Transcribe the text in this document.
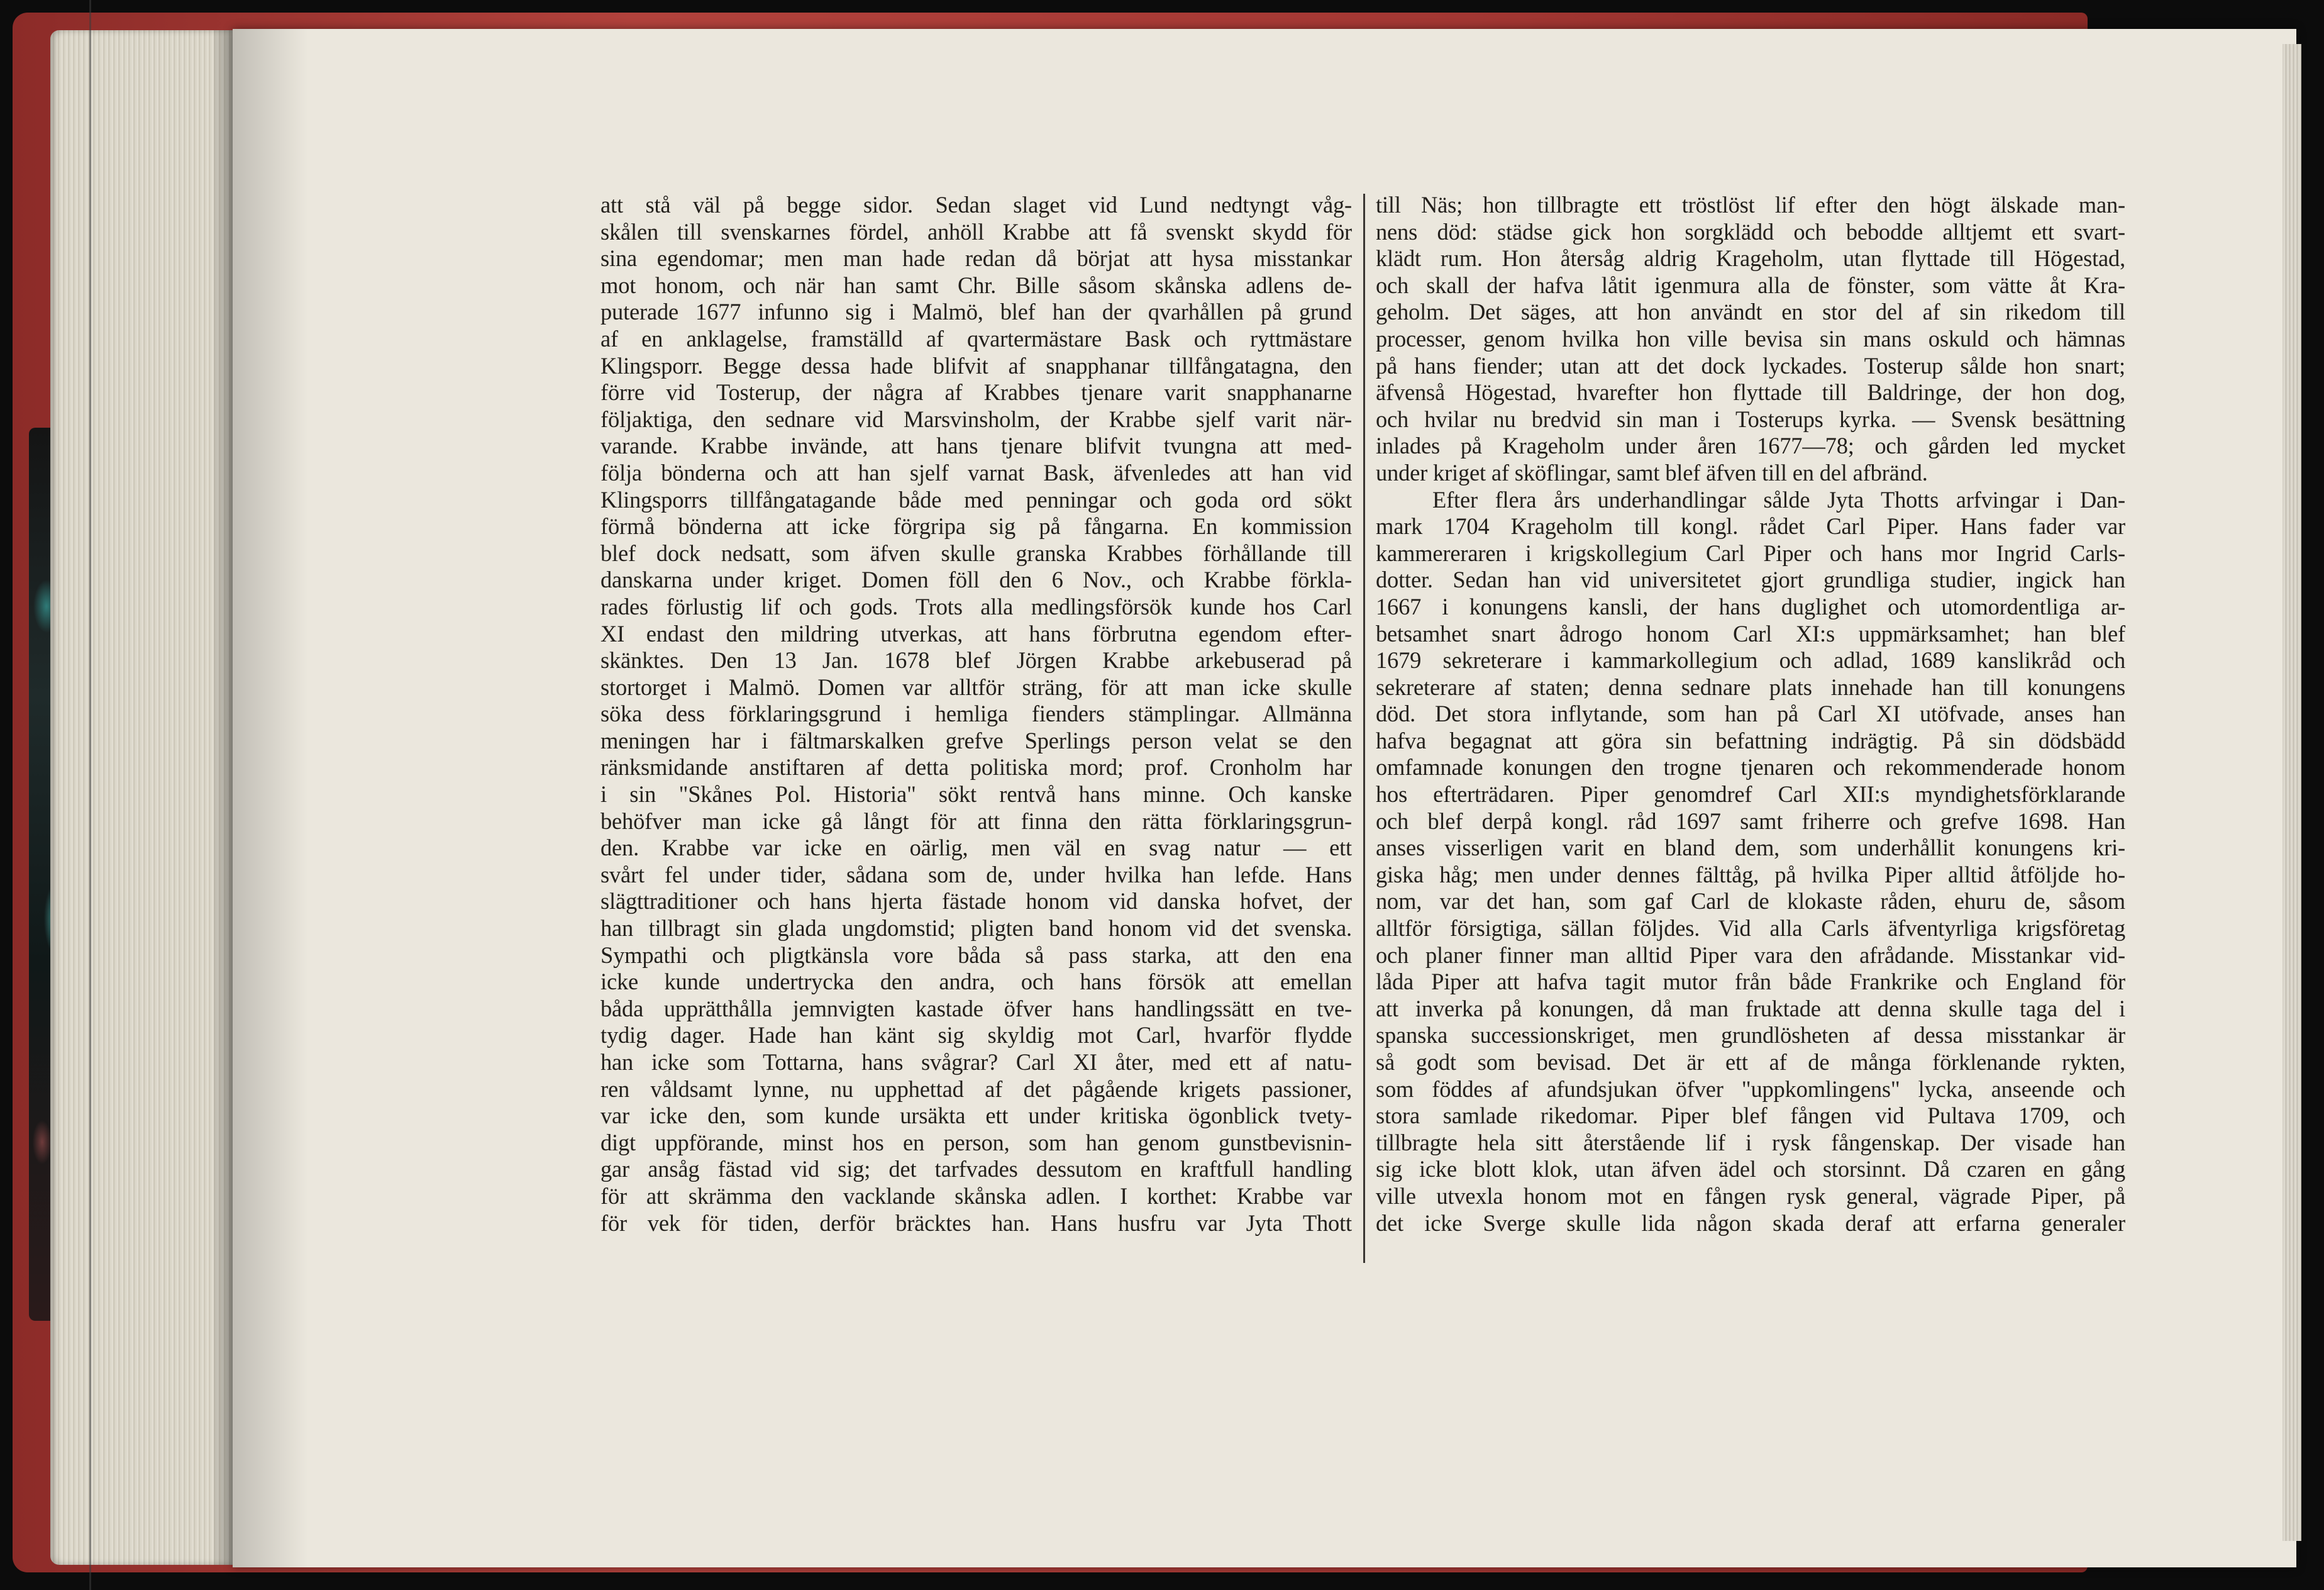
att stå väl på begge sidor. Sedan slaget vid Lund nedtyngt våg-
skålen till svenskarnes fördel, anhöll Krabbe att få svenskt skydd för
sina egendomar; men man hade redan då börjat att hysa misstankar
mot honom, och när han samt Chr. Bille såsom skånska adlens de-
puterade 1677 infunno sig i Malmö, blef han der qvarhållen på grund
af en anklagelse, framställd af qvartermästare Bask och ryttmästare
Klingsporr. Begge dessa hade blifvit af snapphanar tillfångatagna, den
förre vid Tosterup, der några af Krabbes tjenare varit snapphanarne
följaktiga, den sednare vid Marsvinsholm, der Krabbe sjelf varit när-
varande. Krabbe invände, att hans tjenare blifvit tvungna att med-
följa bönderna och att han sjelf varnat Bask, äfvenledes att han vid
Klingsporrs tillfångatagande både med penningar och goda ord sökt
förmå bönderna att icke förgripa sig på fångarna. En kommission
blef dock nedsatt, som äfven skulle granska Krabbes förhållande till
danskarna under kriget. Domen föll den 6 Nov., och Krabbe förkla-
rades förlustig lif och gods. Trots alla medlingsförsök kunde hos Carl
XI endast den mildring utverkas, att hans förbrutna egendom efter-
skänktes. Den 13 Jan. 1678 blef Jörgen Krabbe arkebuserad på
stortorget i Malmö. Domen var alltför sträng, för att man icke skulle
söka dess förklaringsgrund i hemliga fienders stämplingar. Allmänna
meningen har i fältmarskalken grefve Sperlings person velat se den
ränksmidande anstiftaren af detta politiska mord; prof. Cronholm har
i sin "Skånes Pol. Historia" sökt rentvå hans minne. Och kanske
behöfver man icke gå långt för att finna den rätta förklaringsgrun-
den. Krabbe var icke en oärlig, men väl en svag natur — ett
svårt fel under tider, sådana som de, under hvilka han lefde. Hans
slägttraditioner och hans hjerta fästade honom vid danska hofvet, der
han tillbragt sin glada ungdomstid; pligten band honom vid det svenska.
Sympathi och pligtkänsla vore båda så pass starka, att den ena
icke kunde undertrycka den andra, och hans försök att emellan
båda upprätthålla jemnvigten kastade öfver hans handlingssätt en tve-
tydig dager. Hade han känt sig skyldig mot Carl, hvarför flydde
han icke som Tottarna, hans svågrar? Carl XI åter, med ett af natu-
ren våldsamt lynne, nu upphettad af det pågående krigets passioner,
var icke den, som kunde ursäkta ett under kritiska ögonblick tvety-
digt uppförande, minst hos en person, som han genom gunstbevisnin-
gar ansåg fästad vid sig; det tarfvades dessutom en kraftfull handling
för att skrämma den vacklande skånska adlen. I korthet: Krabbe var
för vek för tiden, derför bräcktes han. Hans husfru var Jyta Thott
till Näs; hon tillbragte ett tröstlöst lif efter den högt älskade man-
nens död: städse gick hon sorgklädd och bebodde alltjemt ett svart-
klädt rum. Hon återsåg aldrig Krageholm, utan flyttade till Högestad,
och skall der hafva låtit igenmura alla de fönster, som vätte åt Kra-
geholm. Det säges, att hon användt en stor del af sin rikedom till
processer, genom hvilka hon ville bevisa sin mans oskuld och hämnas
på hans fiender; utan att det dock lyckades. Tosterup sålde hon snart;
äfvenså Högestad, hvarefter hon flyttade till Baldringe, der hon dog,
och hvilar nu bredvid sin man i Tosterups kyrka. — Svensk besättning
inlades på Krageholm under åren 1677—78; och gården led mycket
under kriget af sköflingar, samt blef äfven till en del afbränd.
Efter flera års underhandlingar sålde Jyta Thotts arfvingar i Dan-
mark 1704 Krageholm till kongl. rådet Carl Piper. Hans fader var
kammereraren i krigskollegium Carl Piper och hans mor Ingrid Carls-
dotter. Sedan han vid universitetet gjort grundliga studier, ingick han
1667 i konungens kansli, der hans duglighet och utomordentliga ar-
betsamhet snart ådrogo honom Carl XI:s uppmärksamhet; han blef
1679 sekreterare i kammarkollegium och adlad, 1689 kanslikråd och
sekreterare af staten; denna sednare plats innehade han till konungens
död. Det stora inflytande, som han på Carl XI utöfvade, anses han
hafva begagnat att göra sin befattning indrägtig. På sin dödsbädd
omfamnade konungen den trogne tjenaren och rekommenderade honom
hos efterträdaren. Piper genomdref Carl XII:s myndighetsförklarande
och blef derpå kongl. råd 1697 samt friherre och grefve 1698. Han
anses visserligen varit en bland dem, som underhållit konungens kri-
giska håg; men under dennes fälttåg, på hvilka Piper alltid åtföljde ho-
nom, var det han, som gaf Carl de klokaste råden, ehuru de, såsom
alltför försigtiga, sällan följdes. Vid alla Carls äfventyrliga krigsföretag
och planer finner man alltid Piper vara den afrådande. Misstankar vid-
låda Piper att hafva tagit mutor från både Frankrike och England för
att inverka på konungen, då man fruktade att denna skulle taga del i
spanska successionskriget, men grundlösheten af dessa misstankar är
så godt som bevisad. Det är ett af de många förklenande rykten,
som föddes af afundsjukan öfver "uppkomlingens" lycka, anseende och
stora samlade rikedomar. Piper blef fången vid Pultava 1709, och
tillbragte hela sitt återstående lif i rysk fångenskap. Der visade han
sig icke blott klok, utan äfven ädel och storsinnt. Då czaren en gång
ville utvexla honom mot en fången rysk general, vägrade Piper, på
det icke Sverge skulle lida någon skada deraf att erfarna generaler
